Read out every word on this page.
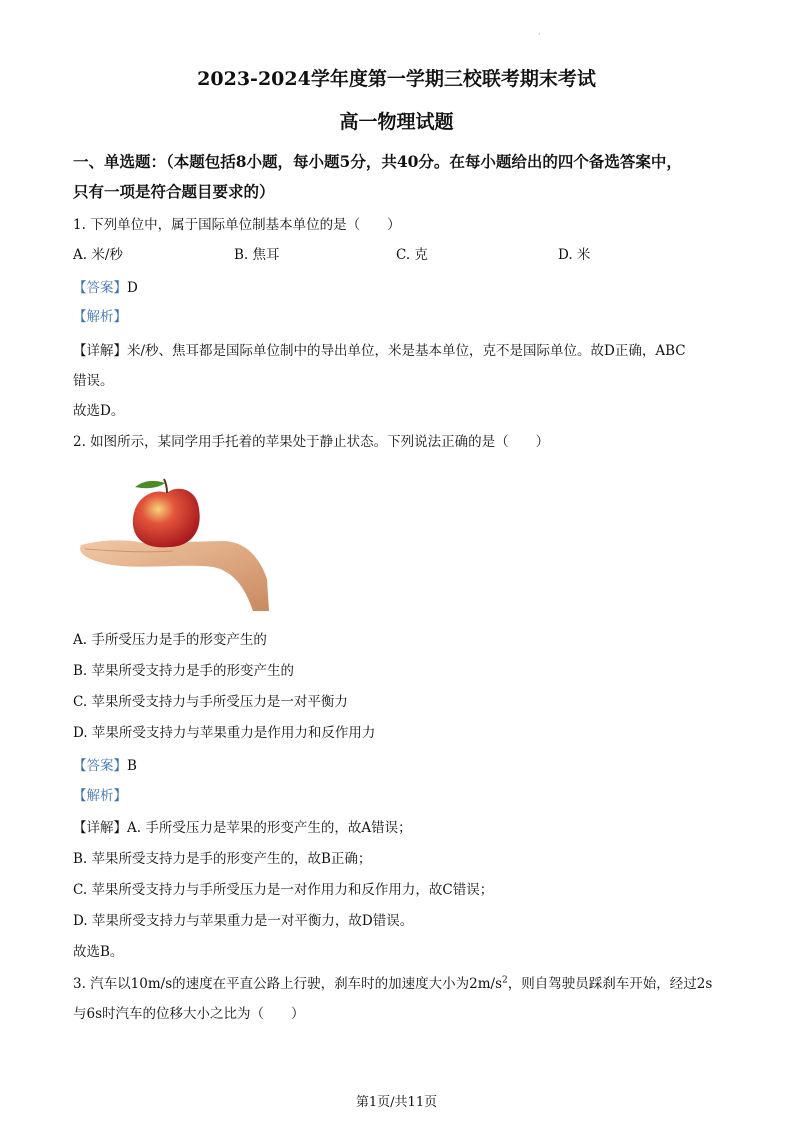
·
2023-2024学年度第一学期三校联考期末考试
高一物理试题
一、单选题：（本题包括8小题，每小题5分，共40分。在每小题给出的四个备选答案中，
只有一项是符合题目要求的）
1. 下列单位中，属于国际单位制基本单位的是（　　）
A. 米/秒	B. 焦耳	C. 克	D. 米
【答案】D
【解析】
【详解】米/秒、焦耳都是国际单位制中的导出单位，米是基本单位，克不是国际单位。故D正确，ABC
错误。
故选D。
2. 如图所示，某同学用手托着的苹果处于静止状态。下列说法正确的是（　　）
A. 手所受压力是手的形变产生的
B. 苹果所受支持力是手的形变产生的
C. 苹果所受支持力与手所受压力是一对平衡力
D. 苹果所受支持力与苹果重力是作用力和反作用力
【答案】B
【解析】
【详解】A. 手所受压力是苹果的形变产生的，故A错误；
B. 苹果所受支持力是手的形变产生的，故B正确；
C. 苹果所受支持力与手所受压力是一对作用力和反作用力，故C错误；
D. 苹果所受支持力与苹果重力是一对平衡力，故D错误。
故选B。
3. 汽车以10m/s的速度在平直公路上行驶，刹车时的加速度大小为$2m/s^2$，则自驾驶员踩刹车开始，经过2s
与6s时汽车的位移大小之比为（　　）
第1页/共11页
